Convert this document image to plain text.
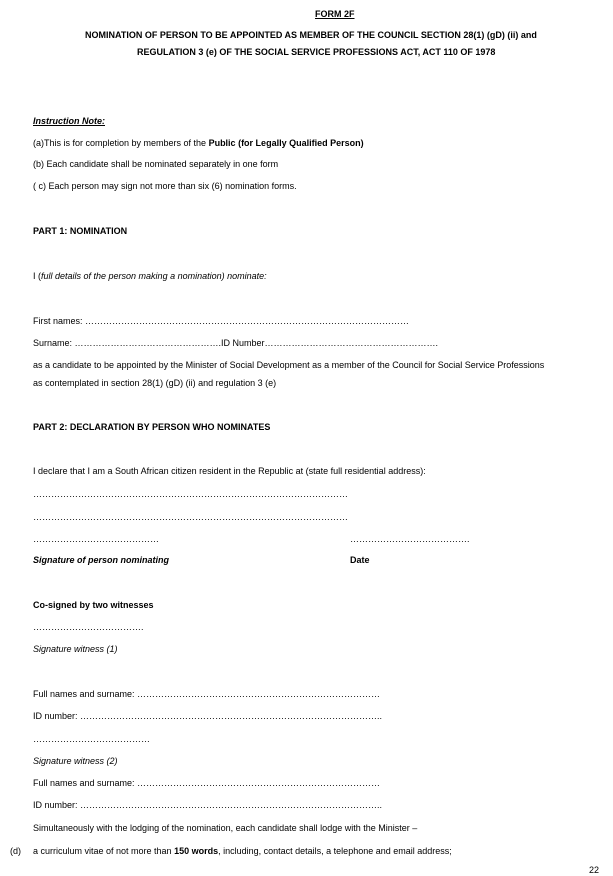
FORM 2F
NOMINATION OF PERSON TO BE APPOINTED AS MEMBER OF THE COUNCIL SECTION 28(1) (gD) (ii) and
REGULATION 3 (e) OF THE SOCIAL SERVICE PROFESSIONS ACT, ACT 110 OF 1978
Instruction Note:
(a)This is for completion by members of the Public (for Legally Qualified Person)
(b) Each candidate shall be nominated separately in one form
( c) Each person may sign not more than six (6) nomination forms.
PART 1: NOMINATION
I (full details of the person making a nomination) nominate:
First names: ………………………………………………………………………………………………
Surname: ………………………………………….ID Number………………………………………………….
as a candidate to be appointed by the Minister of Social Development as a member of the Council for Social Service Professions
as contemplated in section 28(1) (gD) (ii) and regulation 3 (e)
PART 2: DECLARATION BY PERSON WHO NOMINATES
I declare that I am a South African citizen resident in the Republic at (state full residential address):
……………………………………………………………………………………………
……………………………………………………………………………………………
……………………………………	………………………………….
Signature of person nominating	Date
Co-signed by two witnesses
……………………………….
Signature witness (1)
Full names and surname: ………………………………………………………………………
ID number: ………………………………………………………………………………………..
…………………………………
Signature witness (2)
Full names and surname: ………………………………………………………………………
ID number: ………………………………………………………………………………………..
Simultaneously with the lodging of the nomination, each candidate shall lodge with the Minister –
(d) a curriculum vitae of not more than 150 words, including, contact details, a telephone and email address;
22
